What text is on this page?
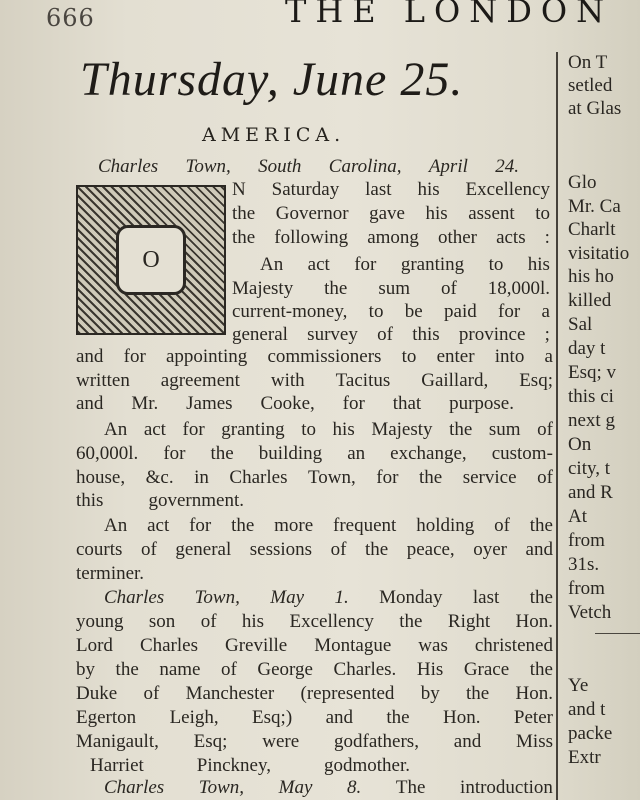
666	THE LONDON
Thursday, June 25.
AMERICA.
O
Charles Town, South Carolina, April 24.
N Saturday last his Excellency
the Governor gave his assent to
the following among other acts :
An act for granting to his
Majesty the sum of 18,000l.
current-money, to be paid for a
general survey of this province ;
and for appointing commissioners to enter into a
written agreement with Tacitus Gaillard, Esq;
and Mr. James Cooke, for that purpose.
An act for granting to his Majesty the sum of
60,000l. for the building an exchange, custom-
house, &c. in Charles Town, for the service of
this government.
An act for the more frequent holding of the
courts of general sessions of the peace, oyer and
terminer.
Charles Town, May 1. Monday last the
young son of his Excellency the Right Hon.
Lord Charles Greville Montague was christened
by the name of George Charles. His Grace the
Duke of Manchester (represented by the Hon.
Egerton Leigh, Esq;) and the Hon. Peter
Manigault, Esq; were godfathers, and Miss
Harriet	Pinckney,	godmother.
Charles Town, May 8. The introduction
On T
setled
at Glas
Glo
Mr. Ca
Charlt
visitatio
his ho
killed
Sal
day t
Esq; v
this ci
next g
On
city, t
and R
At
from
31s.
from
Vetch
Ye
and t
packe
Extr
